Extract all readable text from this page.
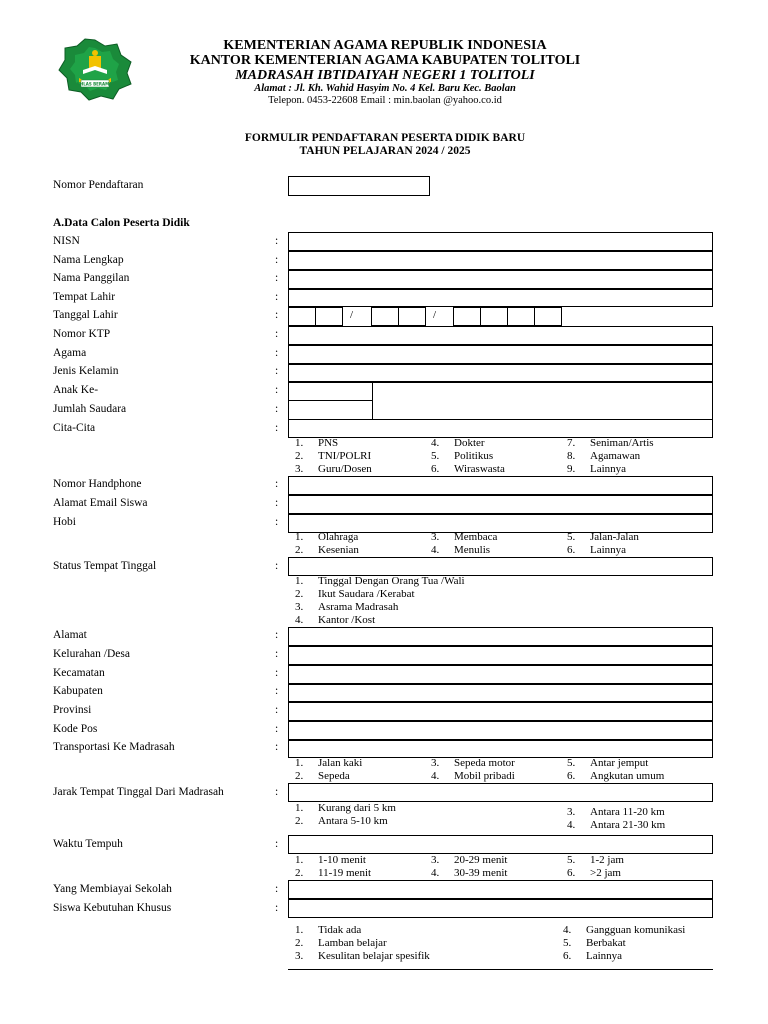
IKHLAS BERAMAL
KEMENTERIAN AGAMA REPUBLIK INDONESIA
KANTOR KEMENTERIAN AGAMA KABUPATEN TOLITOLI
MADRASAH IBTIDAIYAH NEGERI 1 TOLITOLI
Alamat : Jl. Kh. Wahid Hasyim No. 4 Kel. Baru Kec. Baolan
Telepon. 0453-22608 Email : min.baolan @yahoo.co.id
FORMULIR PENDAFTARAN PESERTA DIDIK BARU
TAHUN PELAJARAN 2024 / 2025
Nomor Pendaftaran
A.Data Calon Peserta Didik
NISN	:
Nama Lengkap	:
Nama Panggilan	:
Tempat Lahir	:
Tanggal Lahir	:	/	/
Nomor KTP	:
Agama	:
Jenis Kelamin	:
Anak Ke-	:
Jumlah Saudara	:
Cita-Cita	:
1. PNS
2. TNI/POLRI
3. Guru/Dosen
4. Dokter
5. Politikus
6. Wiraswasta
7. Seniman/Artis
8. Agamawan
9. Lainnya
Nomor Handphone	:
Alamat Email Siswa	:
Hobi	:
1. Olahraga
2. Kesenian
3. Membaca
4. Menulis
5. Jalan-Jalan
6. Lainnya
Status Tempat Tinggal	:
1. Tinggal Dengan Orang Tua /Wali
2. Ikut Saudara /Kerabat
3. Asrama Madrasah
4. Kantor /Kost
Alamat	:
Kelurahan /Desa	:
Kecamatan	:
Kabupaten	:
Provinsi	:
Kode Pos	:
Transportasi Ke Madrasah	:
1. Jalan kaki
2. Sepeda
3. Sepeda motor
4. Mobil pribadi
5. Antar jemput
6. Angkutan umum
Jarak Tempat Tinggal Dari Madrasah	:
1. Kurang dari 5 km
2. Antara 5-10 km
3. Antara 11-20 km
4. Antara 21-30 km
Waktu Tempuh	:
1. 1-10 menit
2. 11-19 menit
3. 20-29 menit
4. 30-39 menit
5. 1-2 jam
6. >2 jam
Yang Membiayai Sekolah	:
Siswa Kebutuhan Khusus	:
1. Tidak ada
2. Lamban belajar
3. Kesulitan belajar spesifik
4. Gangguan komunikasi
5. Berbakat
6. Lainnya
